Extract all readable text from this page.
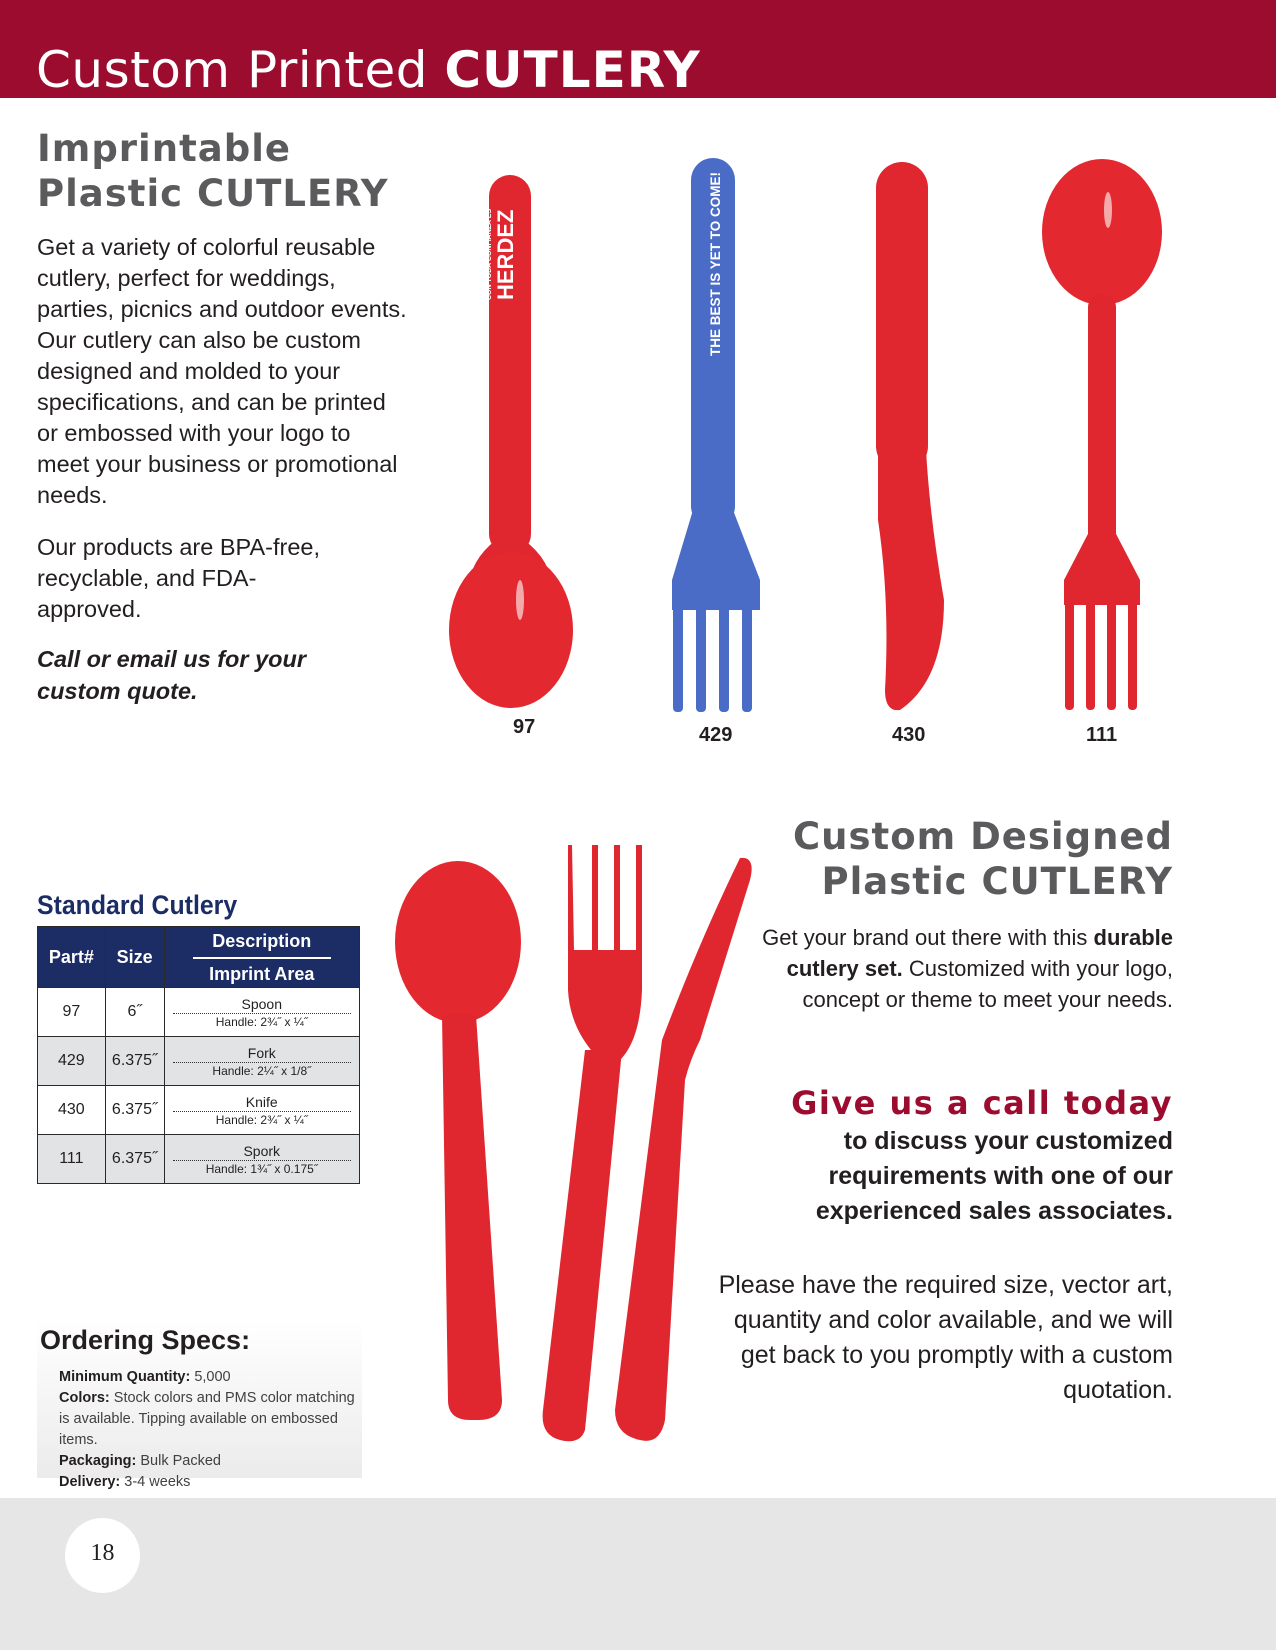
Custom Printed CUTLERY
Imprintable
Plastic CUTLERY
Get a variety of colorful reusable cutlery, perfect for weddings, parties, picnics and outdoor events. Our cutlery can also be custom designed and molded to your specifications, and can be printed or embossed with your logo to meet your business or promotional needs.
Our products are BPA-free, recyclable, and FDA-approved.
Call or email us for your custom quote.
HERDEZ
CON TODA CONFIANZA ES	THE BEST IS YET TO COME!
97	429	430	111
Standard Cutlery
Part#	Size	Description
Imprint Area

97	6˝	Spoon
Handle: 2¾˝ x ¼˝

429	6.375˝	Fork
Handle: 2¼˝ x 1/8˝

430	6.375˝	Knife
Handle: 2¾˝ x ¼˝

111	6.375˝	Spork
Handle: 1¾˝ x 0.175˝
Ordering Specs:
Minimum Quantity: 5,000
Colors: Stock colors and PMS color matching is available. Tipping available on embossed items.
Packaging: Bulk Packed
Delivery: 3-4 weeks
Custom Designed
Plastic CUTLERY
Get your brand out there with this durable cutlery set. Customized with your logo, concept or theme to meet your needs.
Give us a call today
to discuss your customized requirements with one of our experienced sales associates.
Please have the required size, vector art, quantity and color available, and we will get back to you promptly with a custom quotation.
18
